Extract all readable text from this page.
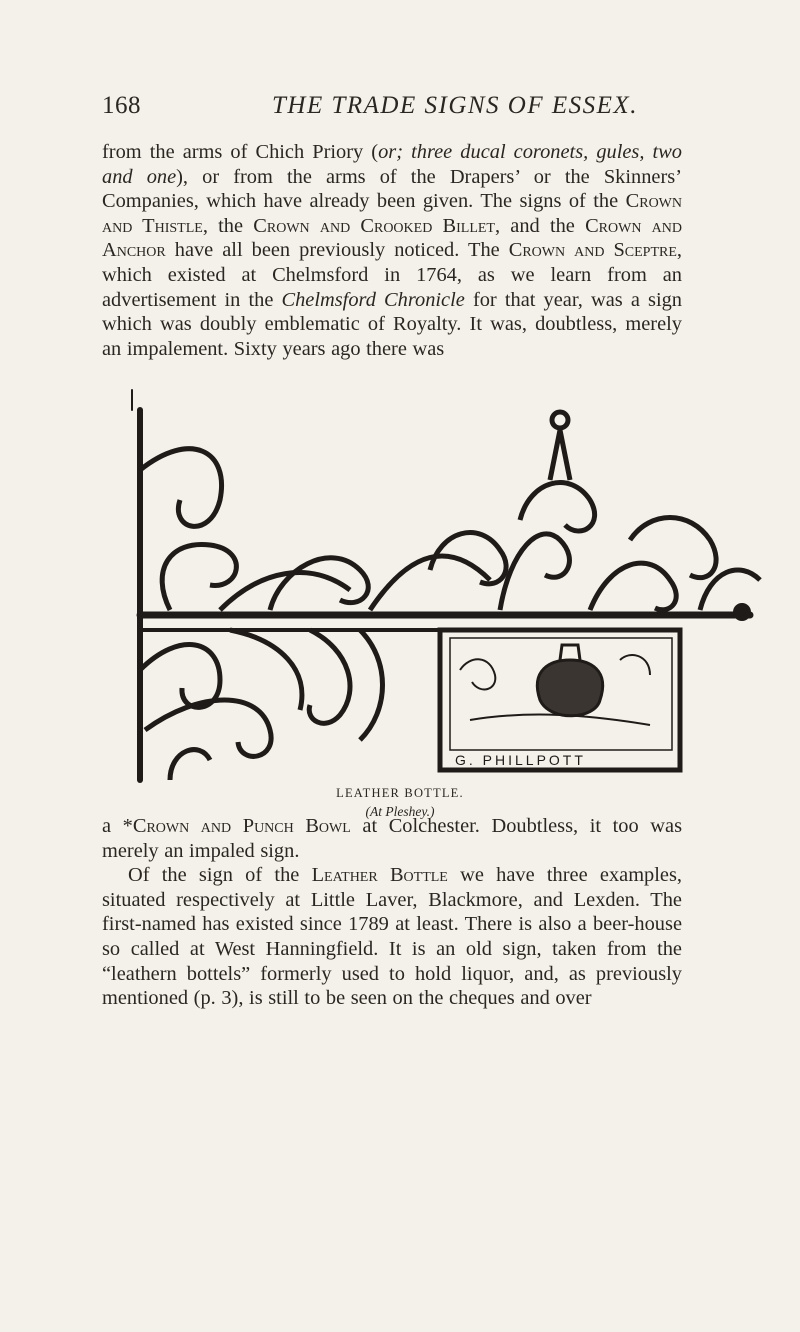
168	THE TRADE SIGNS OF ESSEX.

from the arms of Chich Priory (or; three ducal coronets, gules, two and one), or from the arms of the Drapers’ or the Skinners’ Companies, which have already been given. The signs of the Crown and Thistle, the Crown and Crooked Billet, and the Crown and Anchor have all been previously noticed. The Crown and Sceptre, which existed at Chelmsford in 1764, as we learn from an advertisement in the Chelmsford Chronicle for that year, was a sign which was doubly emblematic of Royalty. It was, doubtless, merely an impalement. Sixty years ago there was

G. PHILLPOTT
LEATHER BOTTLE.
(At Pleshey.)

a *Crown and Punch Bowl at Colchester. Doubtless, it too was merely an impaled sign.

Of the sign of the Leather Bottle we have three examples, situated respectively at Little Laver, Blackmore, and Lexden. The first-named has existed since 1789 at least. There is also a beer-house so called at West Hanningfield. It is an old sign, taken from the “leathern bottels” formerly used to hold liquor, and, as previously mentioned (p. 3), is still to be seen on the cheques and over
